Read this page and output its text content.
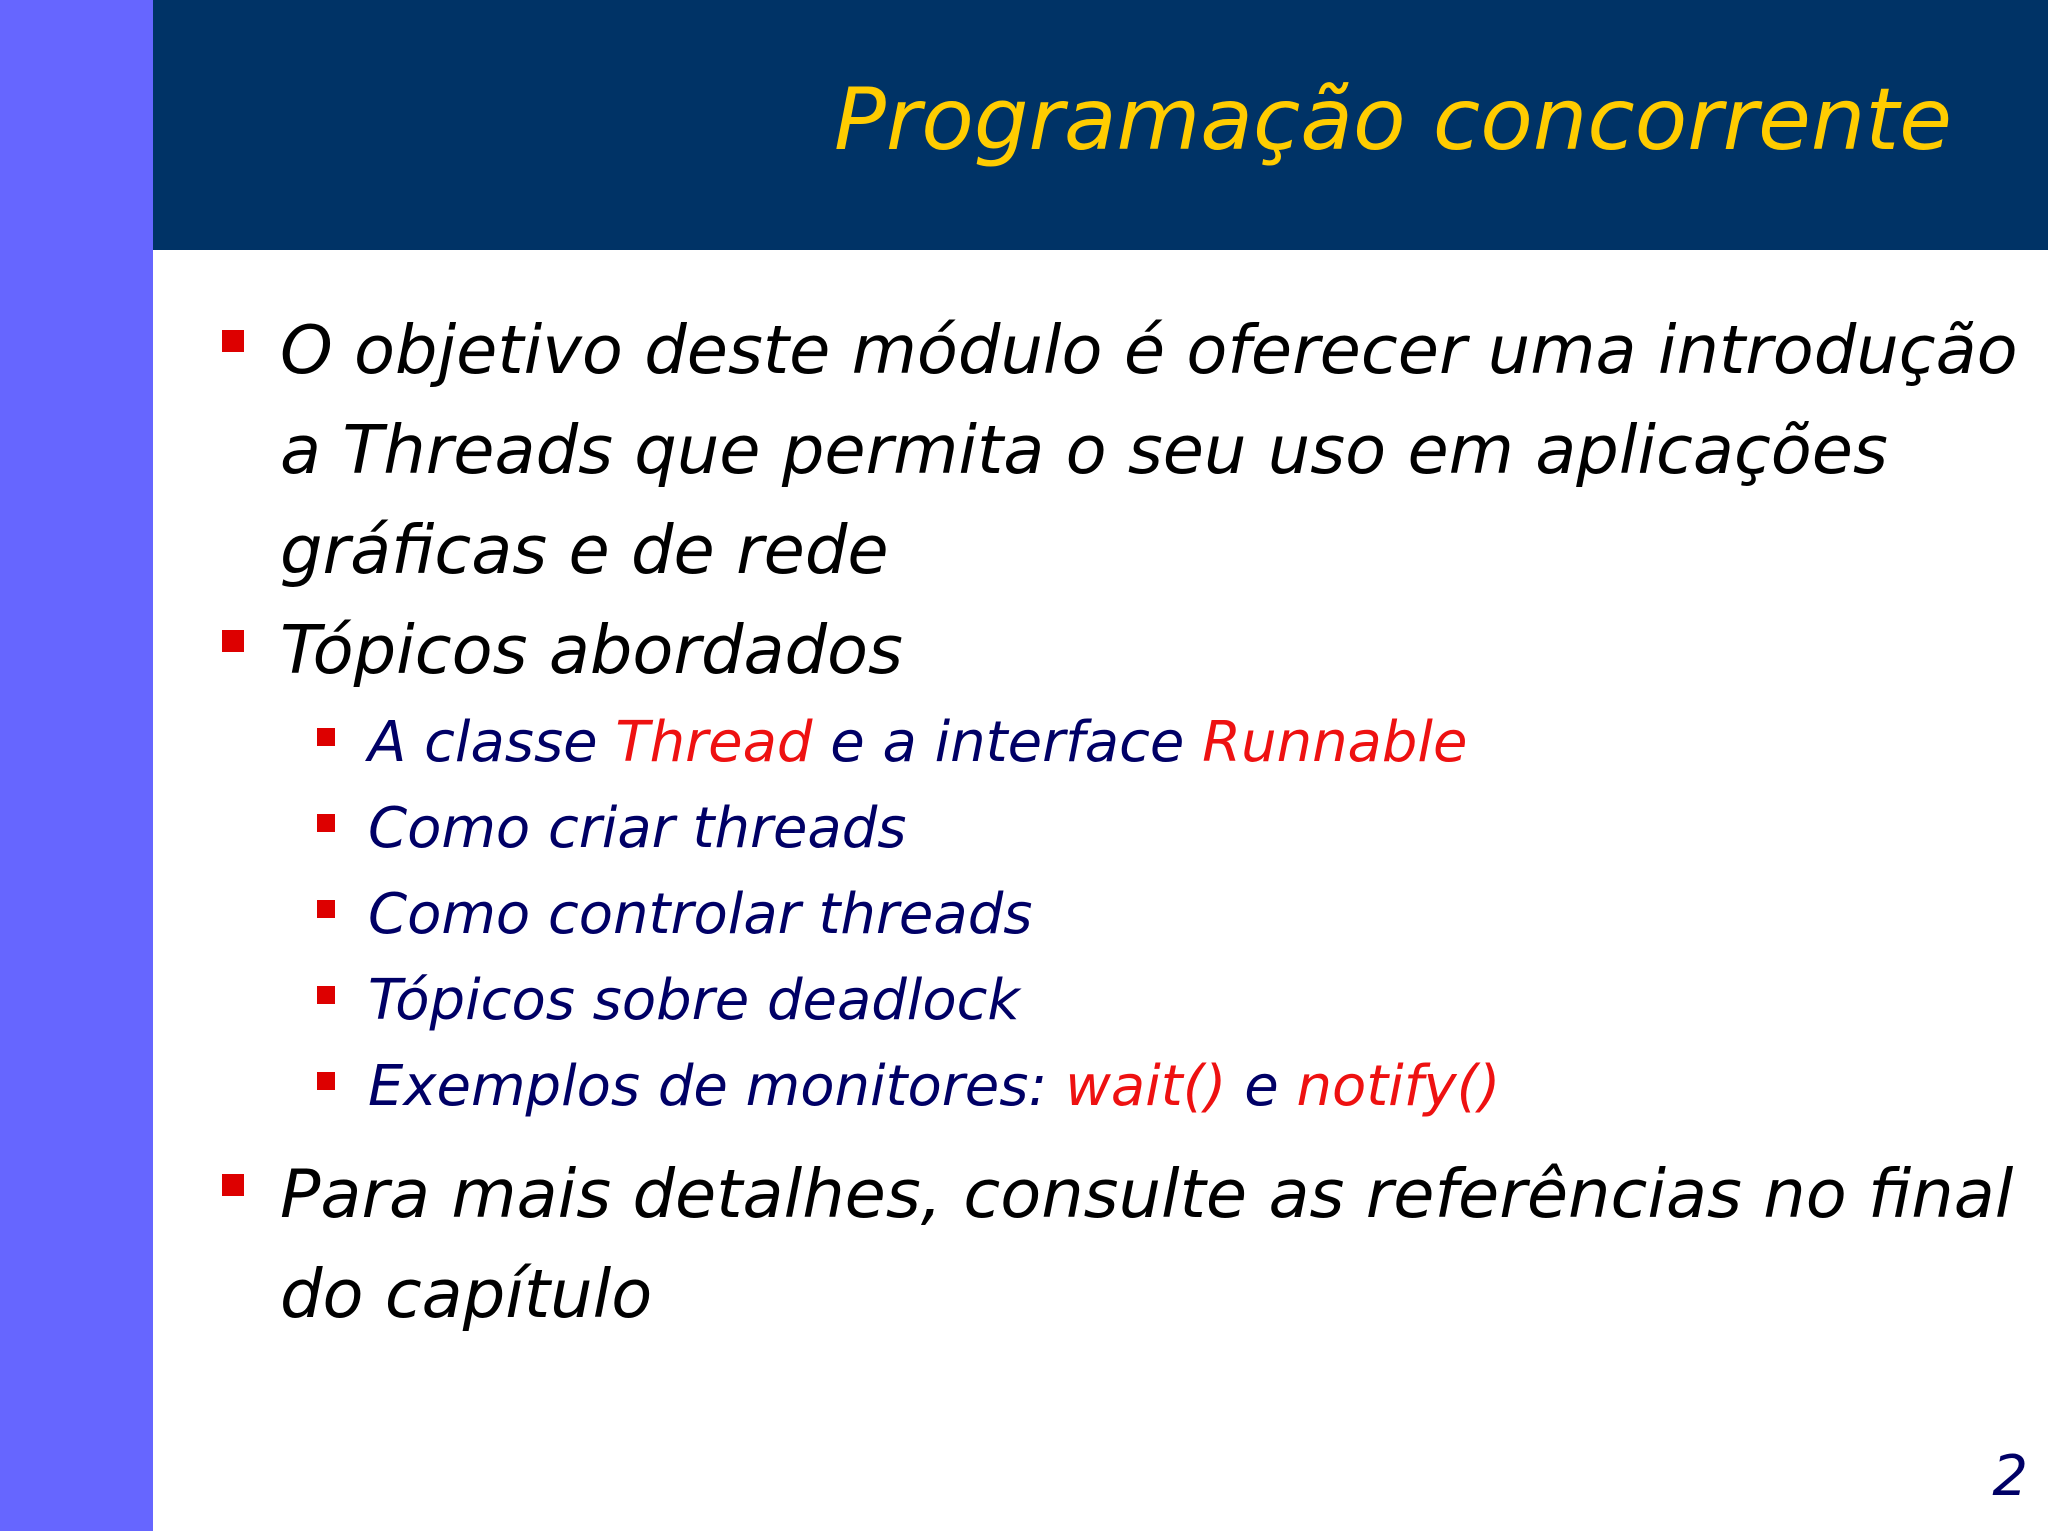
Programação concorrente
O objetivo deste módulo é oferecer uma introdução
a Threads que permita o seu uso em aplicações
gráficas e de rede
Tópicos abordados
A classe Thread e a interface Runnable
Como criar threads
Como controlar threads
Tópicos sobre deadlock
Exemplos de monitores: wait() e notify()
Para mais detalhes, consulte as referências no final
do capítulo
2
